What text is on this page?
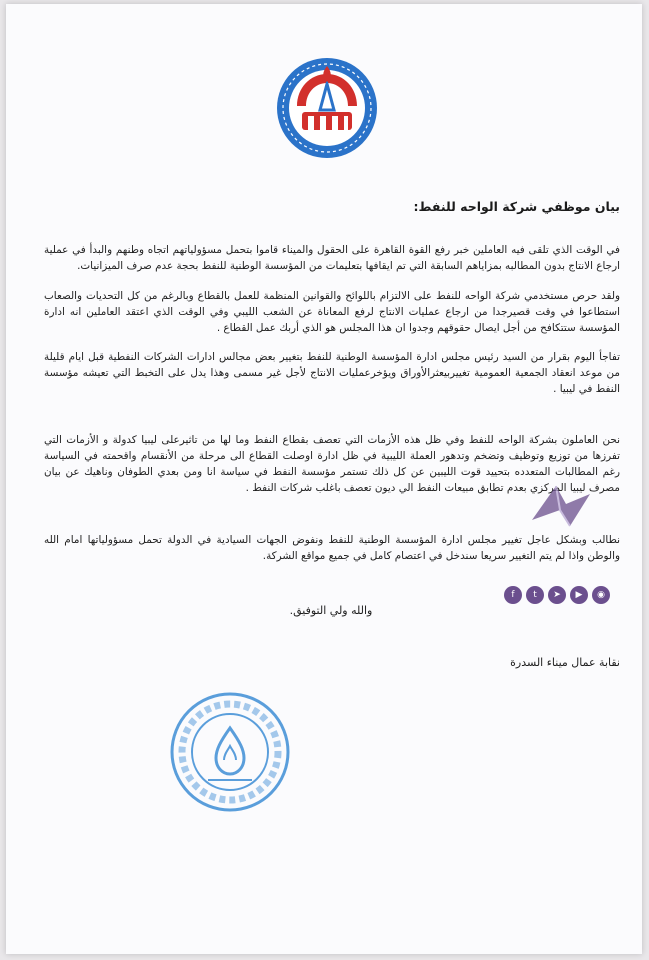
بيان موظفي شركة الواحه للنفط:
في الوقت الذي تلقى فيه العاملين خبر رفع القوة القاهرة على الحقول والميناء قاموا بتحمل مسؤولياتهم اتجاه وطنهم والبدأ في عملية ارجاع الانتاج بدون المطالبه بمزاياهم السابقة التي تم ايقافها بتعليمات من المؤسسة الوطنية للنفط بحجة عدم صرف الميزانيات.
ولقد حرص مستخدمي شركة الواحه للنفط على الالتزام باللوائح والقوانين المنظمة للعمل بالقطاع وبالرغم من كل التحديات والصعاب استطاعوا في وقت قصيرجدا من ارجاع عمليات الانتاج لرفع المعاناة عن الشعب الليبي وفي الوقت الذي اعتقد العاملين انه ادارة المؤسسة ستتكافح من أجل ايصال حقوقهم وجدوا ان هذا المجلس هو الذي أربك عمل القطاع .
تفاجأ اليوم بقرار من السيد رئيس مجلس ادارة المؤسسة الوطنية للنفط بتغيير بعض مجالس ادارات الشركات النفطية قبل ايام قليلة من موعد انعقاد الجمعية العمومية تغييربيعثرالأوراق ويؤخرعمليات الانتاج لأجل غير مسمى وهذا يدل على التخبط التي تعيشه مؤسسة النفط في ليبيا .
نحن العاملون بشركة الواحه للنفط وفي ظل هذه الأزمات التي تعصف بقطاع النفط وما لها من تاثيرعلى ليبيا كدولة و الأزمات التي تفرزها من توزيع وتوظيف وتضخم وتدهور العملة الليبية في ظل ادارة اوصلت القطاع الى مرحلة من الأنقسام واقحمته في السياسة رغم المطالبات المتعدده بتحييد قوت الليبين عن كل ذلك تستمر مؤسسة النفط في سياسة انا ومن بعدي الطوفان وناهيك عن بيان مصرف ليبيا المركزي بعدم تطابق مبيعات النفط الي ديون تعصف باغلب شركات النفط .
نطالب وبشكل عاجل تغيير مجلس ادارة المؤسسة الوطنية للنفط ونفوض الجهات السيادية في الدولة تحمل مسؤولياتها امام الله والوطن واذا لم يتم التغيير سريعا سندخل في اعتصام كامل في جميع مواقع الشركة.
والله ولي التوفيق.
نقابة عمال ميناء السدرة
f	t	➤	▶	◉
